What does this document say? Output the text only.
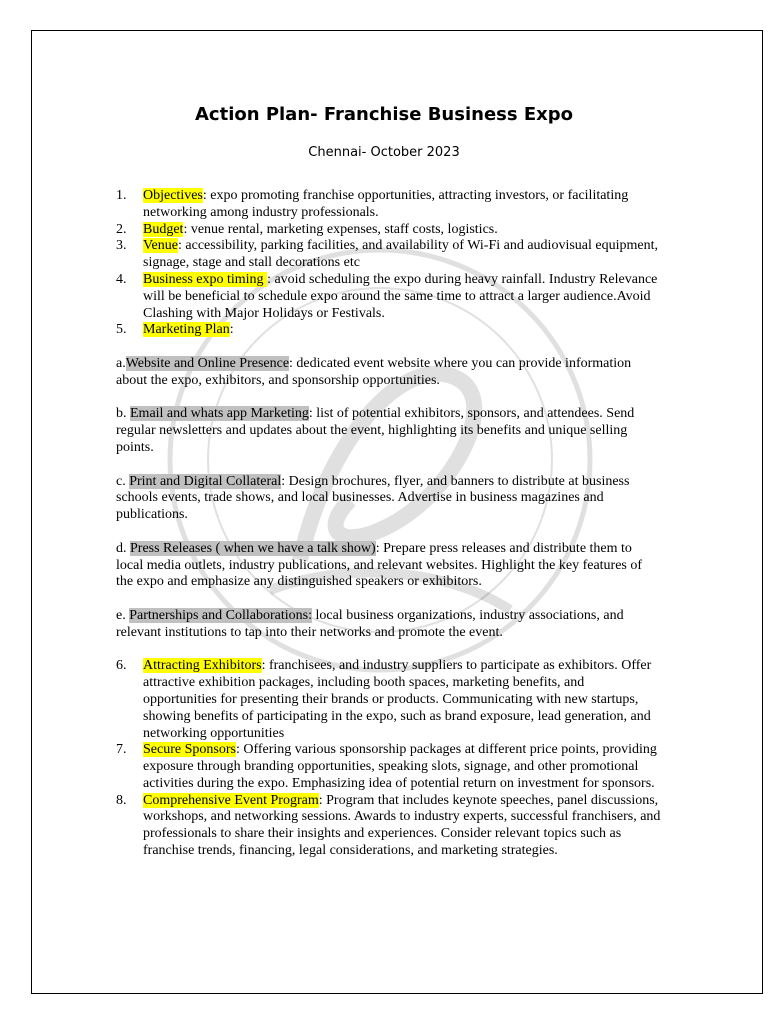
Action Plan- Franchise Business Expo
Chennai- October 2023
1. Objectives: expo promoting franchise opportunities, attracting investors, or facilitating networking among industry professionals.
2. Budget: venue rental, marketing expenses, staff costs, logistics.
3. Venue: accessibility, parking facilities, and availability of Wi-Fi and audiovisual equipment, signage, stage and stall decorations etc
4. Business expo timing : avoid scheduling the expo during heavy rainfall. Industry Relevance will be beneficial to schedule expo around the same time to attract a larger audience.Avoid Clashing with Major Holidays or Festivals.
5. Marketing Plan:

a.Website and Online Presence: dedicated event website where you can provide information about the expo, exhibitors, and sponsorship opportunities.

b. Email and whats app Marketing: list of potential exhibitors, sponsors, and attendees. Send regular newsletters and updates about the event, highlighting its benefits and unique selling points.

c. Print and Digital Collateral: Design brochures, flyer, and banners to distribute at business schools events, trade shows, and local businesses. Advertise in business magazines and publications.

d. Press Releases ( when we have a talk show): Prepare press releases and distribute them to local media outlets, industry publications, and relevant websites. Highlight the key features of the expo and emphasize any distinguished speakers or exhibitors.

e. Partnerships and Collaborations: local business organizations, industry associations, and relevant institutions to tap into their networks and promote the event.

6. Attracting Exhibitors: franchisees, and industry suppliers to participate as exhibitors. Offer attractive exhibition packages, including booth spaces, marketing benefits, and opportunities for presenting their brands or products. Communicating with new startups, showing benefits of participating in the expo, such as brand exposure, lead generation, and networking opportunities
7. Secure Sponsors: Offering various sponsorship packages at different price points, providing exposure through branding opportunities, speaking slots, signage, and other promotional activities during the expo. Emphasizing idea of potential return on investment for sponsors.
8. Comprehensive Event Program: Program that includes keynote speeches, panel discussions, workshops, and networking sessions. Awards to industry experts, successful franchisers, and professionals to share their insights and experiences. Consider relevant topics such as franchise trends, financing, legal considerations, and marketing strategies.
